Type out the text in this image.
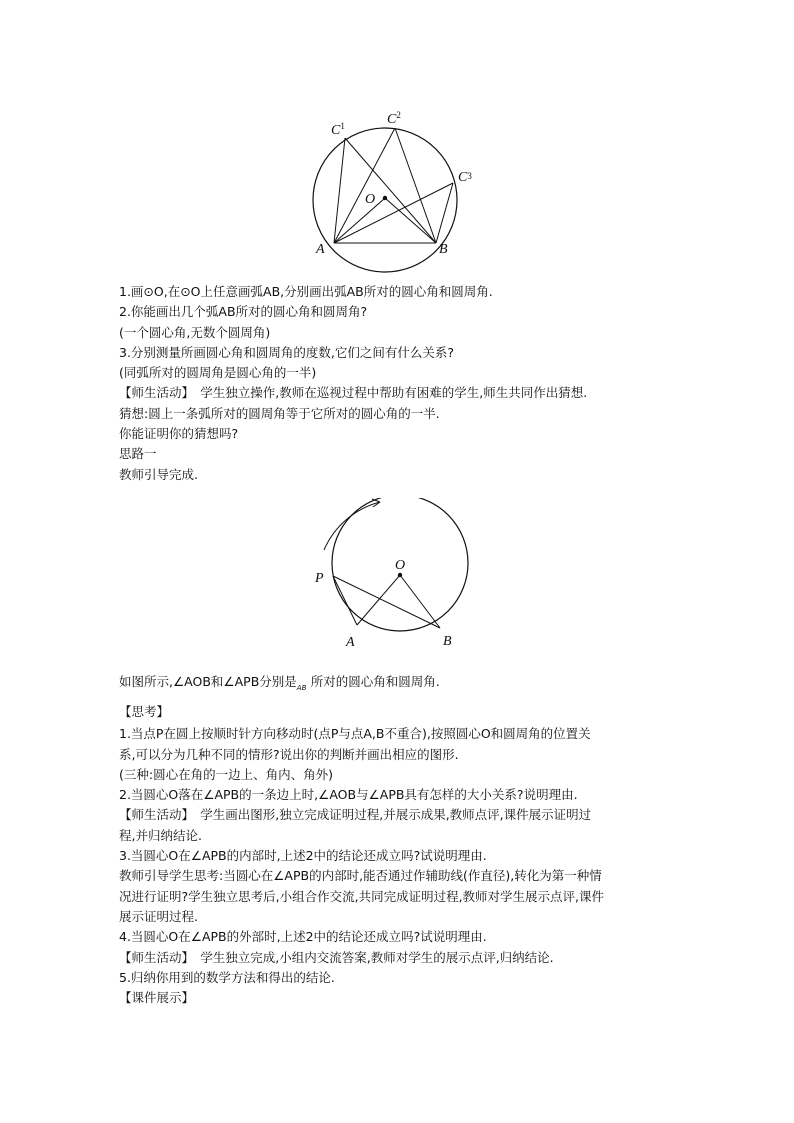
$C^1$	$C^2$
C3
O
A	B
1.画⊙O,在⊙O上任意画弧AB,分别画出弧AB所对的圆心角和圆周角.
2.你能画出几个弧AB所对的圆心角和圆周角?
(一个圆心角,无数个圆周角)
3.分别测量所画圆心角和圆周角的度数,它们之间有什么关系?
(同弧所对的圆周角是圆心角的一半)
【师生活动】　学生独立操作,教师在巡视过程中帮助有困难的学生,师生共同作出猜想.
猜想:圆上一条弧所对的圆周角等于它所对的圆心角的一半.
你能证明你的猜想吗?
思路一
教师引导完成.
O
P
A	B
如图所示,∠AOB和∠APB分别是 AB 所对的圆心角和圆周角.
【思考】
1.当点P在圆上按顺时针方向移动时(点P与点A,B不重合),按照圆心O和圆周角的位置关
系,可以分为几种不同的情形?说出你的判断并画出相应的图形.
(三种:圆心在角的一边上、角内、角外)
2.当圆心O落在∠APB的一条边上时,∠AOB与∠APB具有怎样的大小关系?说明理由.
【师生活动】　学生画出图形,独立完成证明过程,并展示成果,教师点评,课件展示证明过
程,并归纳结论.
3.当圆心O在∠APB的内部时,上述2中的结论还成立吗?试说明理由.
教师引导学生思考:当圆心在∠APB的内部时,能否通过作辅助线(作直径),转化为第一种情
况进行证明?学生独立思考后,小组合作交流,共同完成证明过程,教师对学生展示点评,课件
展示证明过程.
4.当圆心O在∠APB的外部时,上述2中的结论还成立吗?试说明理由.
【师生活动】　学生独立完成,小组内交流答案,教师对学生的展示点评,归纳结论.
5.归纳你用到的数学方法和得出的结论.
【课件展示】
